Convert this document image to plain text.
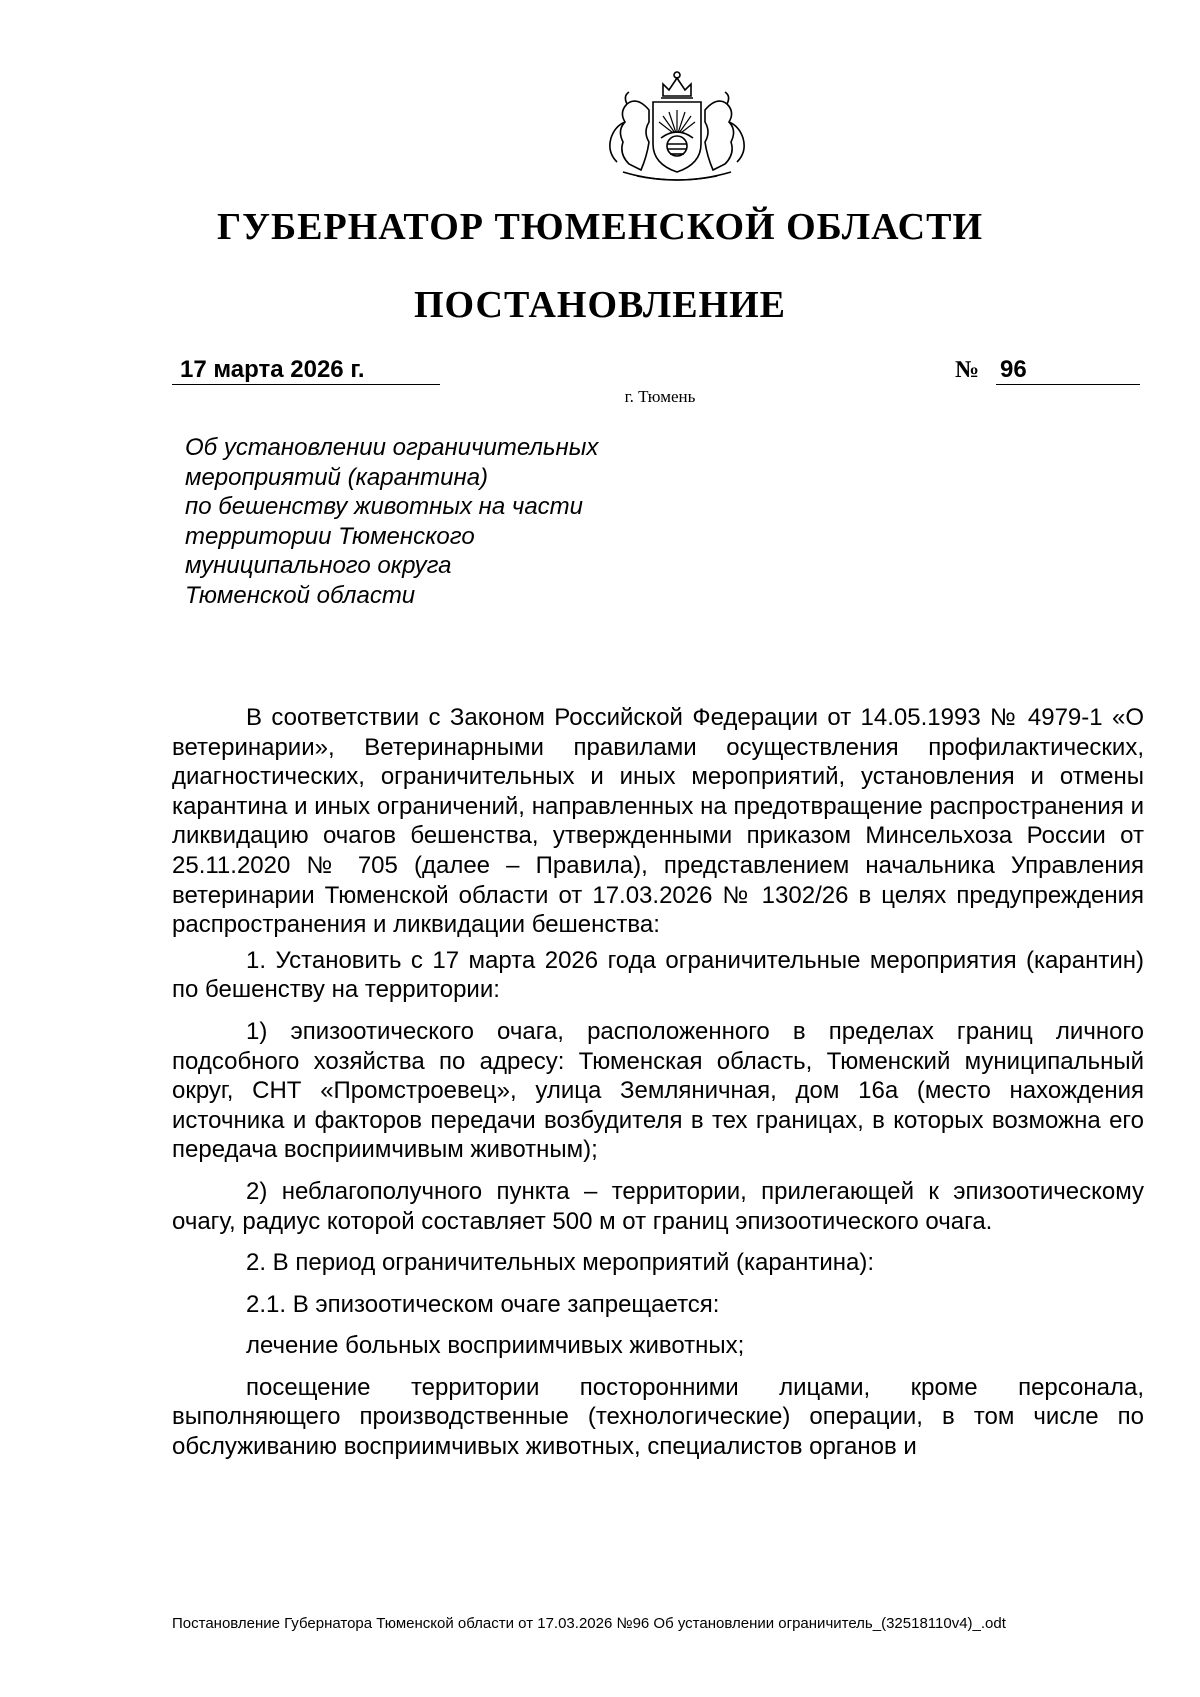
ГУБЕРНАТОР ТЮМЕНСКОЙ ОБЛАСТИ
ПОСТАНОВЛЕНИЕ
17 марта 2026 г.	№ 96
г. Тюмень
Об установлении ограничительных
мероприятий (карантина)
по бешенству животных на части
территории Тюменского
муниципального округа
Тюменской области

В соответствии с Законом Российской Федерации от 14.05.1993 № 4979-1 «О ветеринарии», Ветеринарными правилами осуществления профилактических, диагностических, ограничительных и иных мероприятий, установления и отмены карантина и иных ограничений, направленных на предотвращение распространения и ликвидацию очагов бешенства, утвержденными приказом Минсельхоза России от 25.11.2020 № 705 (далее – Правила), представлением начальника Управления ветеринарии Тюменской области от 17.03.2026 № 1302/26 в целях предупреждения распространения и ликвидации бешенства:

1. Установить с 17 марта 2026 года ограничительные мероприятия (карантин) по бешенству на территории:

1) эпизоотического очага, расположенного в пределах границ личного подсобного хозяйства по адресу: Тюменская область, Тюменский муниципальный округ, СНТ «Промстроевец», улица Земляничная, дом 16а (место нахождения источника и факторов передачи возбудителя в тех границах, в которых возможна его передача восприимчивым животным);

2) неблагополучного пункта – территории, прилегающей к эпизоотическому очагу, радиус которой составляет 500 м от границ эпизоотического очага.

2. В период ограничительных мероприятий (карантина):

2.1. В эпизоотическом очаге запрещается:

лечение больных восприимчивых животных;

посещение территории посторонними лицами, кроме персонала, выполняющего производственные (технологические) операции, в том числе по обслуживанию восприимчивых животных, специалистов органов и

Постановление Губернатора Тюменской области от 17.03.2026 №96 Об установлении ограничитель_(32518110v4)_.odt
